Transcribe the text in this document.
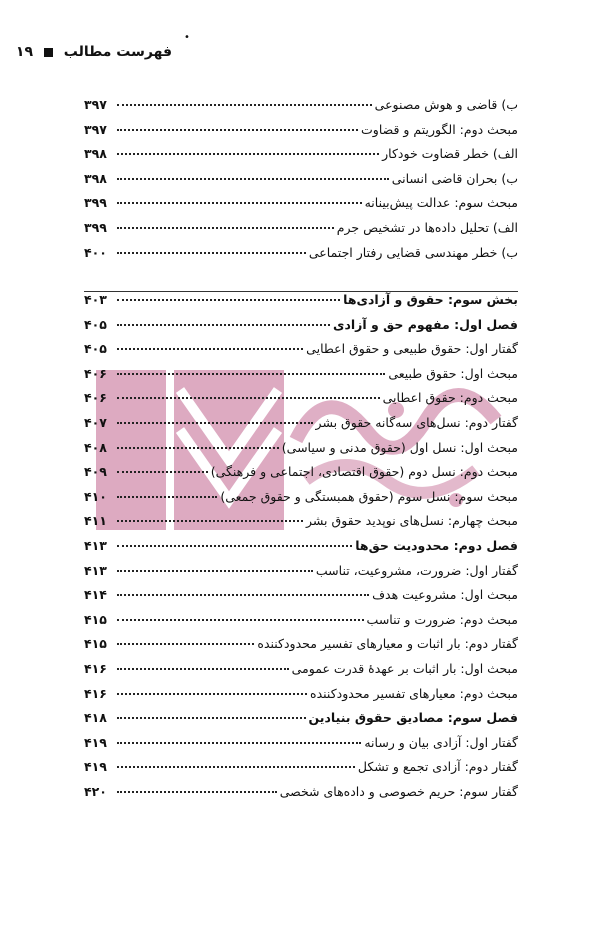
•
فهرست مطالب  ۱۹
ب) قاضی و هوش مصنوعی
۳۹۷
مبحث دوم: الگوریتم و قضاوت
۳۹۷
الف) خطر قضاوت خودکار
۳۹۸
ب) بحران قاضی انسانی
۳۹۸
مبحث سوم: عدالت پیش‌بینانه
۳۹۹
الف) تحلیل داده‌ها در تشخیص جرم
۳۹۹
ب) خطر مهندسی قضایی رفتار اجتماعی
۴۰۰
بخش سوم: حقوق و آزادی‌ها
۴۰۳
فصل اول: مفهوم حق و آزادی
۴۰۵
گفتار اول: حقوق طبیعی و حقوق اعطایی
۴۰۵
مبحث اول: حقوق طبیعی
۴۰۶
مبحث دوم: حقوق اعطایی
۴۰۶
گفتار دوم: نسل‌های سه‌گانه حقوق بشر
۴۰۷
مبحث اول: نسل اول (حقوق مدنی و سیاسی)
۴۰۸
مبحث دوم: نسل دوم (حقوق اقتصادی، اجتماعی و فرهنگی)
۴۰۹
مبحث سوم: نسل سوم (حقوق همبستگی و حقوق جمعی)
۴۱۰
مبحث چهارم: نسل‌های نوپدید حقوق بشر
۴۱۱
فصل دوم: محدودیت حق‌ها
۴۱۳
گفتار اول: ضرورت، مشروعیت، تناسب
۴۱۳
مبحث اول: مشروعیت هدف
۴۱۴
مبحث دوم: ضرورت و تناسب
۴۱۵
گفتار دوم: بار اثبات و معیارهای تفسیر محدودکننده
۴۱۵
مبحث اول: بار اثبات بر عهدهٔ قدرت عمومی
۴۱۶
مبحث دوم: معیارهای تفسیر محدودکننده
۴۱۶
فصل سوم: مصادیق حقوق بنیادین
۴۱۸
گفتار اول: آزادی بیان و رسانه
۴۱۹
گفتار دوم: آزادی تجمع و تشکل
۴۱۹
گفتار سوم: حریم خصوصی و داده‌های شخصی
۴۲۰
